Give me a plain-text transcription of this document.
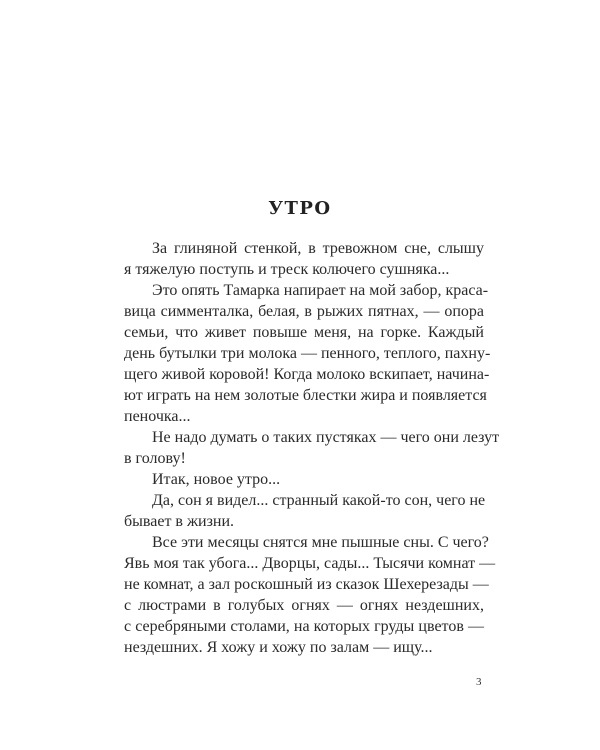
УТРО
За глиняной стенкой, в тревожном сне, слышу
я тяжелую поступь и треск колючего сушняка...
Это опять Тамарка напирает на мой забор, краса-
вица симменталка, белая, в рыжих пятнах, — опора
семьи, что живет повыше меня, на горке. Каждый
день бутылки три молока — пенного, теплого, пахну-
щего живой коровой! Когда молоко вскипает, начина-
ют играть на нем золотые блестки жира и появляется
пеночка...
Не надо думать о таких пустяках — чего они лезут
в голову!
Итак, новое утро...
Да, сон я видел... странный какой-то сон, чего не
бывает в жизни.
Все эти месяцы снятся мне пышные сны. С чего?
Явь моя так убога... Дворцы, сады... Тысячи комнат —
не комнат, а зал роскошный из сказок Шехерезады —
с люстрами в голубых огнях — огнях нездешних,
с серебряными столами, на которых груды цветов —
нездешних. Я хожу и хожу по залам — ищу...
3
